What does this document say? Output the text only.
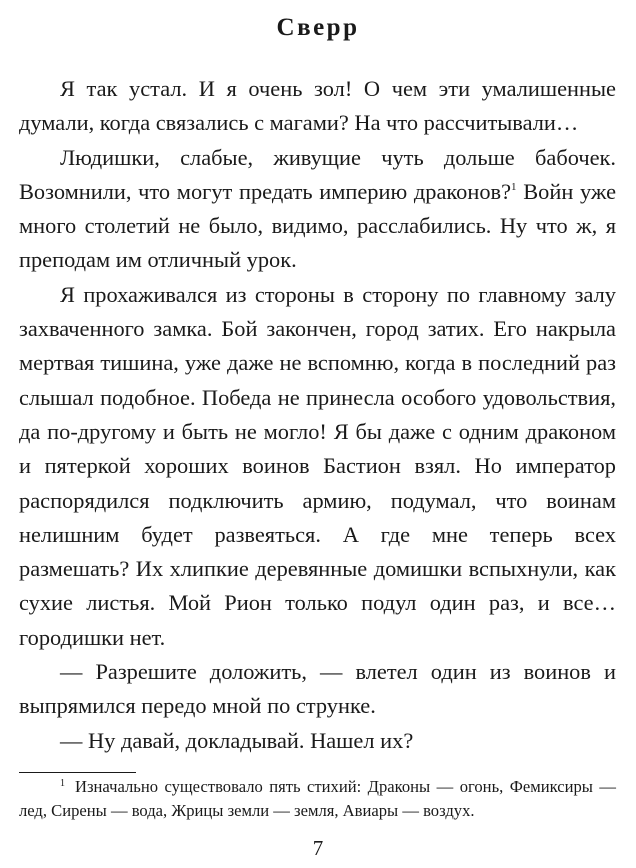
Сверр

Я так устал. И я очень зол! О чем эти умалишенные думали, когда связались с магами? На что рассчитывали…

Людишки, слабые, живущие чуть дольше бабочек. Возомнили, что могут предать империю драконов?$^1$ Войн уже много столетий не было, видимо, расслабились. Ну что ж, я преподам им отличный урок.

Я прохаживался из стороны в сторону по главному залу захваченного замка. Бой закончен, город затих. Его накрыла мертвая тишина, уже даже не вспомню, когда в последний раз слышал подобное. Победа не принесла особого удовольствия, да по-другому и быть не могло! Я бы даже с одним драконом и пятеркой хороших воинов Бастион взял. Но император распорядился подключить армию, подумал, что воинам нелишним будет развеяться. А где мне теперь всех размешать? Их хлипкие деревянные домишки вспыхнули, как сухие листья. Мой Рион только подул один раз, и все… городишки нет.

— Разрешите доложить, — влетел один из воинов и выпрямился передо мной по струнке.

— Ну давай, докладывай. Нашел их?

$^1$ Изначально существовало пять стихий: Драконы — огонь, Фемиксиры — лед, Сирены — вода, Жрицы земли — земля, Авиары — воздух.

7
